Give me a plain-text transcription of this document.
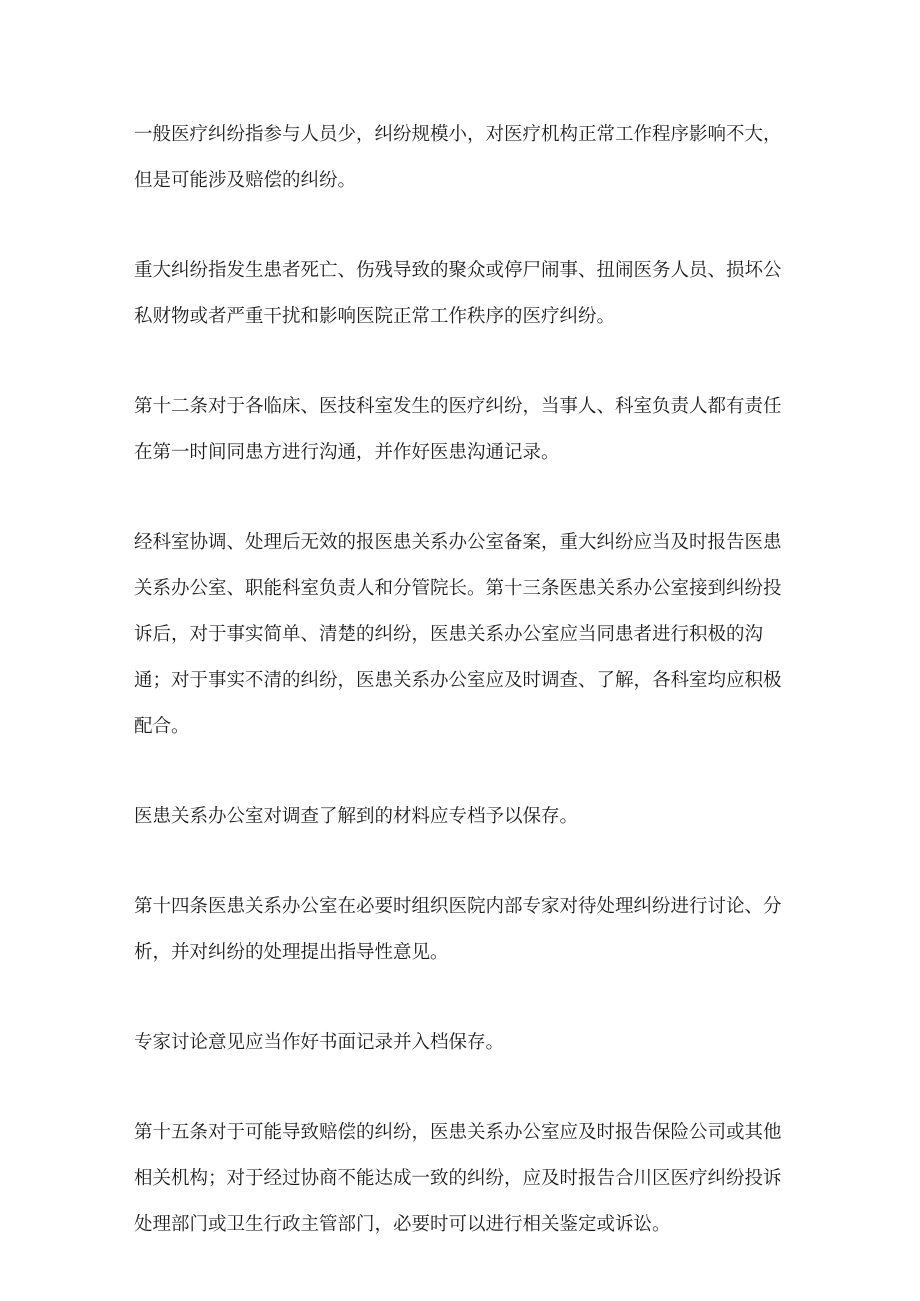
一般医疗纠纷指参与人员少，纠纷规模小，对医疗机构正常工作程序影响不大，
但是可能涉及赔偿的纠纷。

重大纠纷指发生患者死亡、伤残导致的聚众或停尸闹事、扭闹医务人员、损坏公
私财物或者严重干扰和影响医院正常工作秩序的医疗纠纷。

第十二条对于各临床、医技科室发生的医疗纠纷，当事人、科室负责人都有责任
在第一时间同患方进行沟通，并作好医患沟通记录。

经科室协调、处理后无效的报医患关系办公室备案，重大纠纷应当及时报告医患
关系办公室、职能科室负责人和分管院长。第十三条医患关系办公室接到纠纷投
诉后，对于事实简单、清楚的纠纷，医患关系办公室应当同患者进行积极的沟
通；对于事实不清的纠纷，医患关系办公室应及时调查、了解，各科室均应积极
配合。

医患关系办公室对调查了解到的材料应专档予以保存。

第十四条医患关系办公室在必要时组织医院内部专家对待处理纠纷进行讨论、分
析，并对纠纷的处理提出指导性意见。

专家讨论意见应当作好书面记录并入档保存。

第十五条对于可能导致赔偿的纠纷，医患关系办公室应及时报告保险公司或其他
相关机构；对于经过协商不能达成一致的纠纷，应及时报告合川区医疗纠纷投诉
处理部门或卫生行政主管部门，必要时可以进行相关鉴定或诉讼。
